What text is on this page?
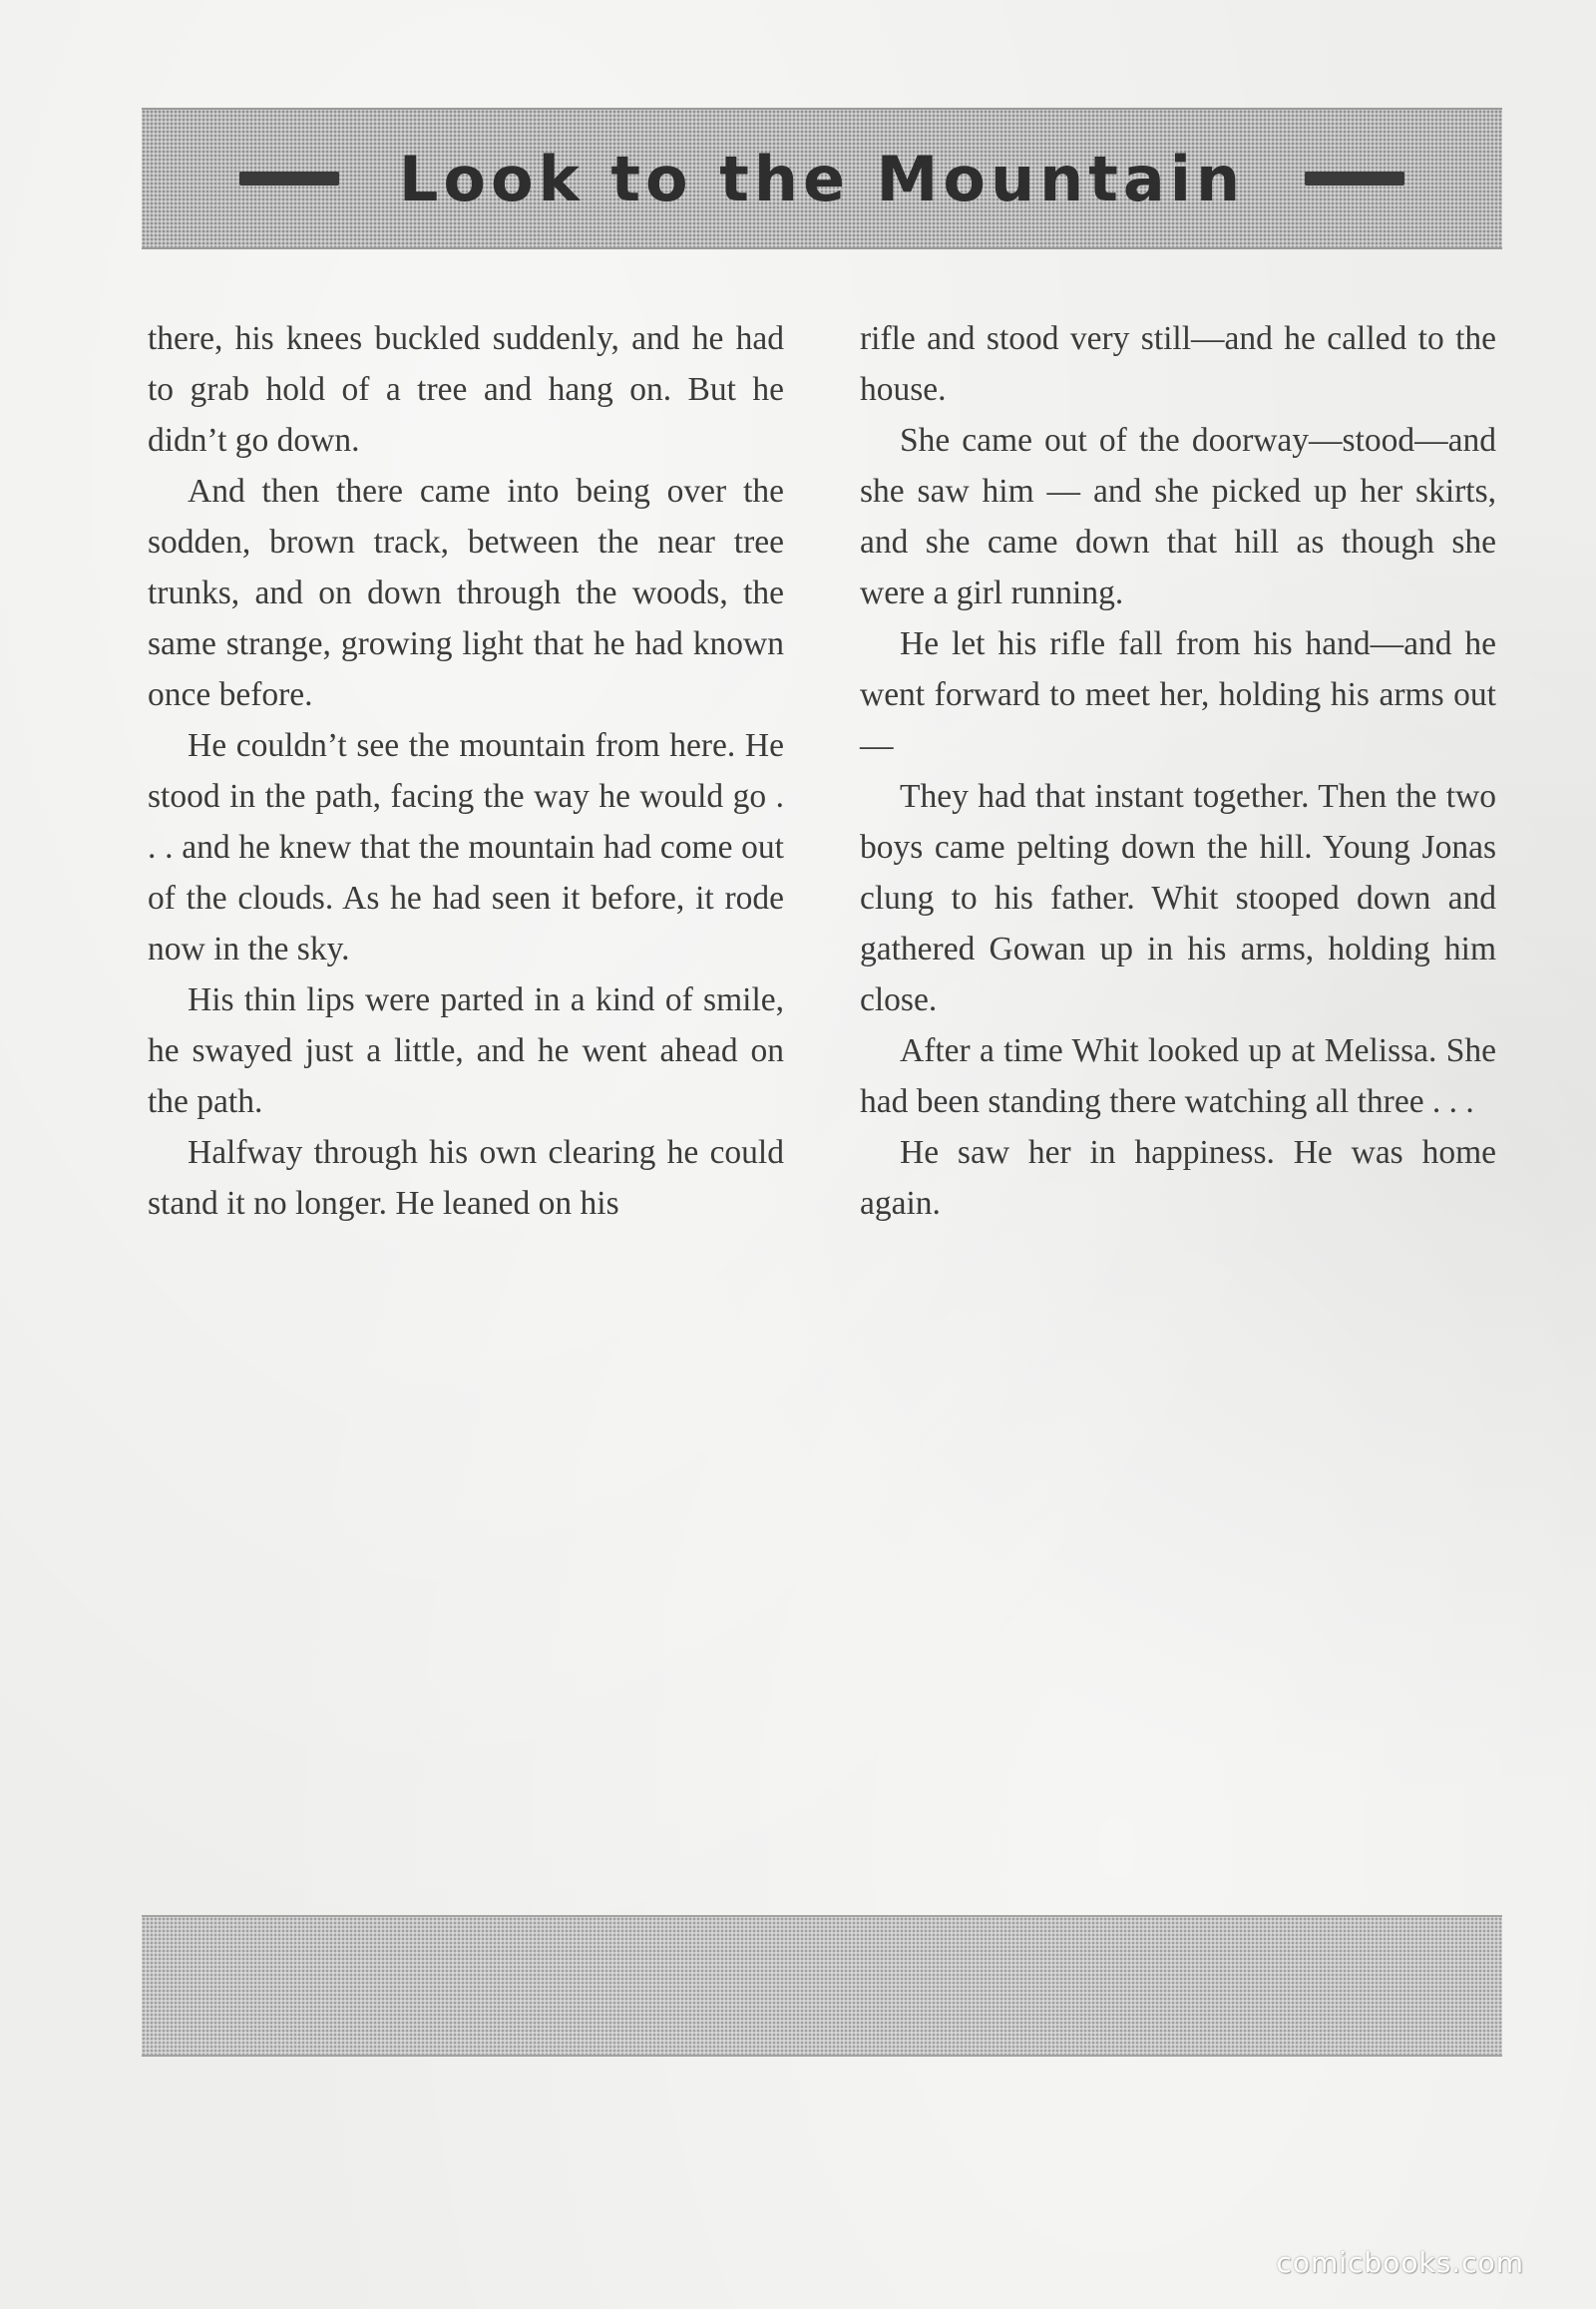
Look to the Mountain

there, his knees buckled suddenly, and he had to grab hold of a tree and hang on. But he didn’t go down.

And then there came into being over the sodden, brown track, between the near tree trunks, and on down through the woods, the same strange, growing light that he had known once before.

He couldn’t see the mountain from here. He stood in the path, facing the way he would go . . . and he knew that the mountain had come out of the clouds. As he had seen it before, it rode now in the sky.

His thin lips were parted in a kind of smile, he swayed just a little, and he went ahead on the path.

Halfway through his own clearing he could stand it no longer. He leaned on his

rifle and stood very still—and he called to the house.

She came out of the doorway—stood—and she saw him — and she picked up her skirts, and she came down that hill as though she were a girl running.

He let his rifle fall from his hand—and he went forward to meet her, holding his arms out—

They had that instant together. Then the two boys came pelting down the hill. Young Jonas clung to his father. Whit stooped down and gathered Gowan up in his arms, holding him close.

After a time Whit looked up at Melissa. She had been standing there watching all three . . .

He saw her in happiness. He was home again.

comicbooks.com
